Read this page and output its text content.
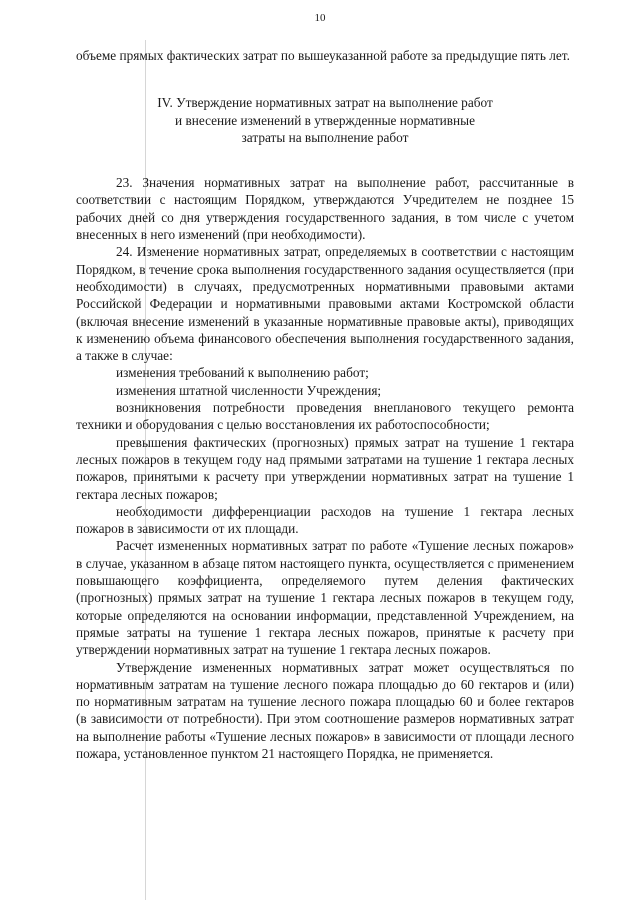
10

объеме прямых фактических затрат по вышеуказанной работе за предыдущие пять лет.

IV. Утверждение нормативных затрат на выполнение работ
и внесение изменений в утвержденные нормативные
затраты на выполнение работ

23. Значения нормативных затрат на выполнение работ, рассчитанные в соответствии с настоящим Порядком, утверждаются Учредителем не позднее 15 рабочих дней со дня утверждения государственного задания, в том числе с учетом внесенных в него изменений (при необходимости).

24. Изменение нормативных затрат, определяемых в соответствии с настоящим Порядком, в течение срока выполнения государственного задания осуществляется (при необходимости) в случаях, предусмотренных нормативными правовыми актами Российской Федерации и нормативными правовыми актами Костромской области (включая внесение изменений в указанные нормативные правовые акты), приводящих к изменению объема финансового обеспечения выполнения государственного задания, а также в случае:

изменения требований к выполнению работ;

изменения штатной численности Учреждения;

возникновения потребности проведения внепланового текущего ремонта техники и оборудования с целью восстановления их работоспособности;

превышения фактических (прогнозных) прямых затрат на тушение 1 гектара лесных пожаров в текущем году над прямыми затратами на тушение 1 гектара лесных пожаров, принятыми к расчету при утверждении нормативных затрат на тушение 1 гектара лесных пожаров;

необходимости дифференциации расходов на тушение 1 гектара лесных пожаров в зависимости от их площади.

Расчет измененных нормативных затрат по работе «Тушение лесных пожаров» в случае, указанном в абзаце пятом настоящего пункта, осуществляется с применением повышающего коэффициента, определяемого путем деления фактических (прогнозных) прямых затрат на тушение 1 гектара лесных пожаров в текущем году, которые определяются на основании информации, представленной Учреждением, на прямые затраты на тушение 1 гектара лесных пожаров, принятые к расчету при утверждении нормативных затрат на тушение 1 гектара лесных пожаров.

Утверждение измененных нормативных затрат может осуществляться по нормативным затратам на тушение лесного пожара площадью до 60 гектаров и (или) по нормативным затратам на тушение лесного пожара площадью 60 и более гектаров (в зависимости от потребности). При этом соотношение размеров нормативных затрат на выполнение работы «Тушение лесных пожаров» в зависимости от площади лесного пожара, установленное пунктом 21 настоящего Порядка, не применяется.
